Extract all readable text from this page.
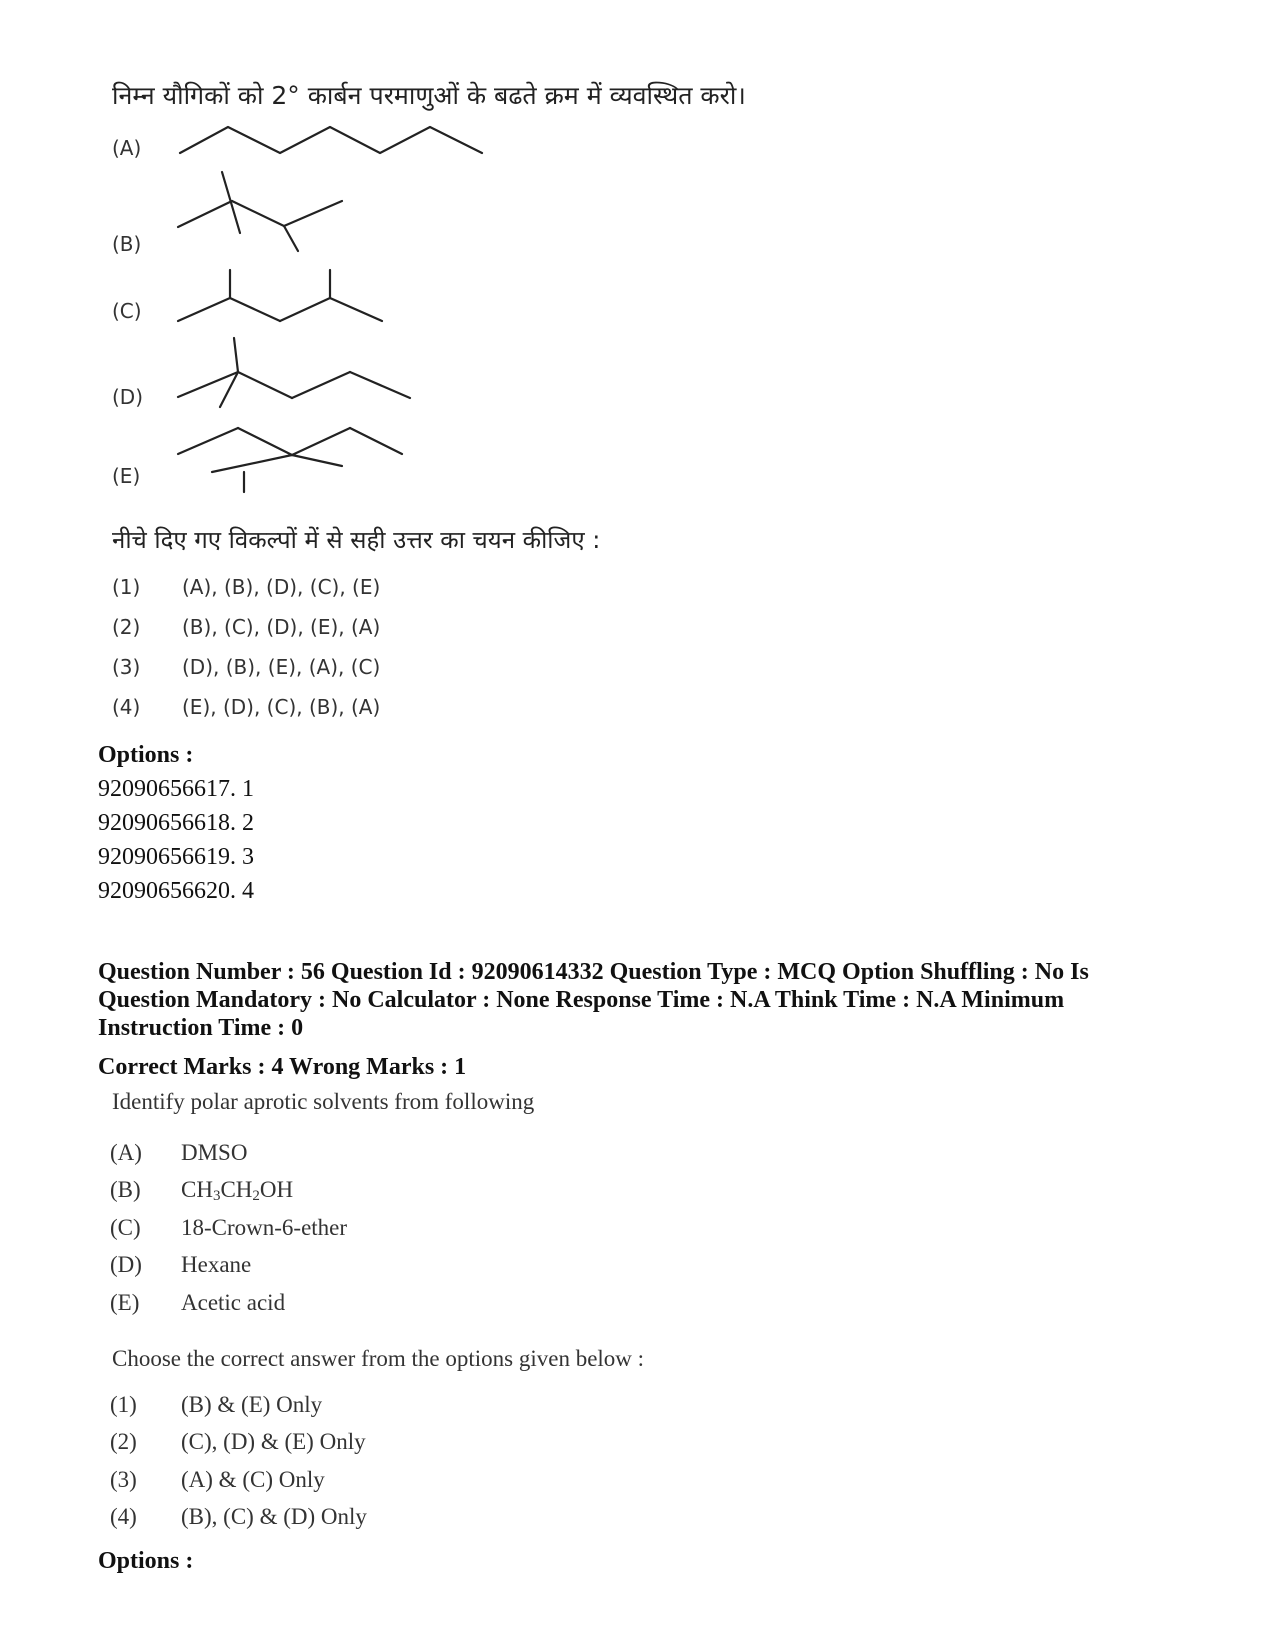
निम्न यौगिकों को 2° कार्बन परमाणुओं के बढते क्रम में व्यवस्थित करो।
(A)
(B)
(C)
(D)
(E)
नीचे दिए गए विकल्पों में से सही उत्तर का चयन कीजिए :
(1) (A), (B), (D), (C), (E)
(2) (B), (C), (D), (E), (A)
(3) (D), (B), (E), (A), (C)
(4) (E), (D), (C), (B), (A)
Options :
92090656617. 1
92090656618. 2
92090656619. 3
92090656620. 4
Question Number : 56 Question Id : 92090614332 Question Type : MCQ Option Shuffling : No Is Question Mandatory : No Calculator : None Response Time : N.A Think Time : N.A Minimum Instruction Time : 0
Correct Marks : 4 Wrong Marks : 1
Identify polar aprotic solvents from following
(A) DMSO
(B) $CH_3CH_2OH$
(C) 18-Crown-6-ether
(D) Hexane
(E) Acetic acid
Choose the correct answer from the options given below :
(1) (B) & (E) Only
(2) (C), (D) & (E) Only
(3) (A) & (C) Only
(4) (B), (C) & (D) Only
Options :
